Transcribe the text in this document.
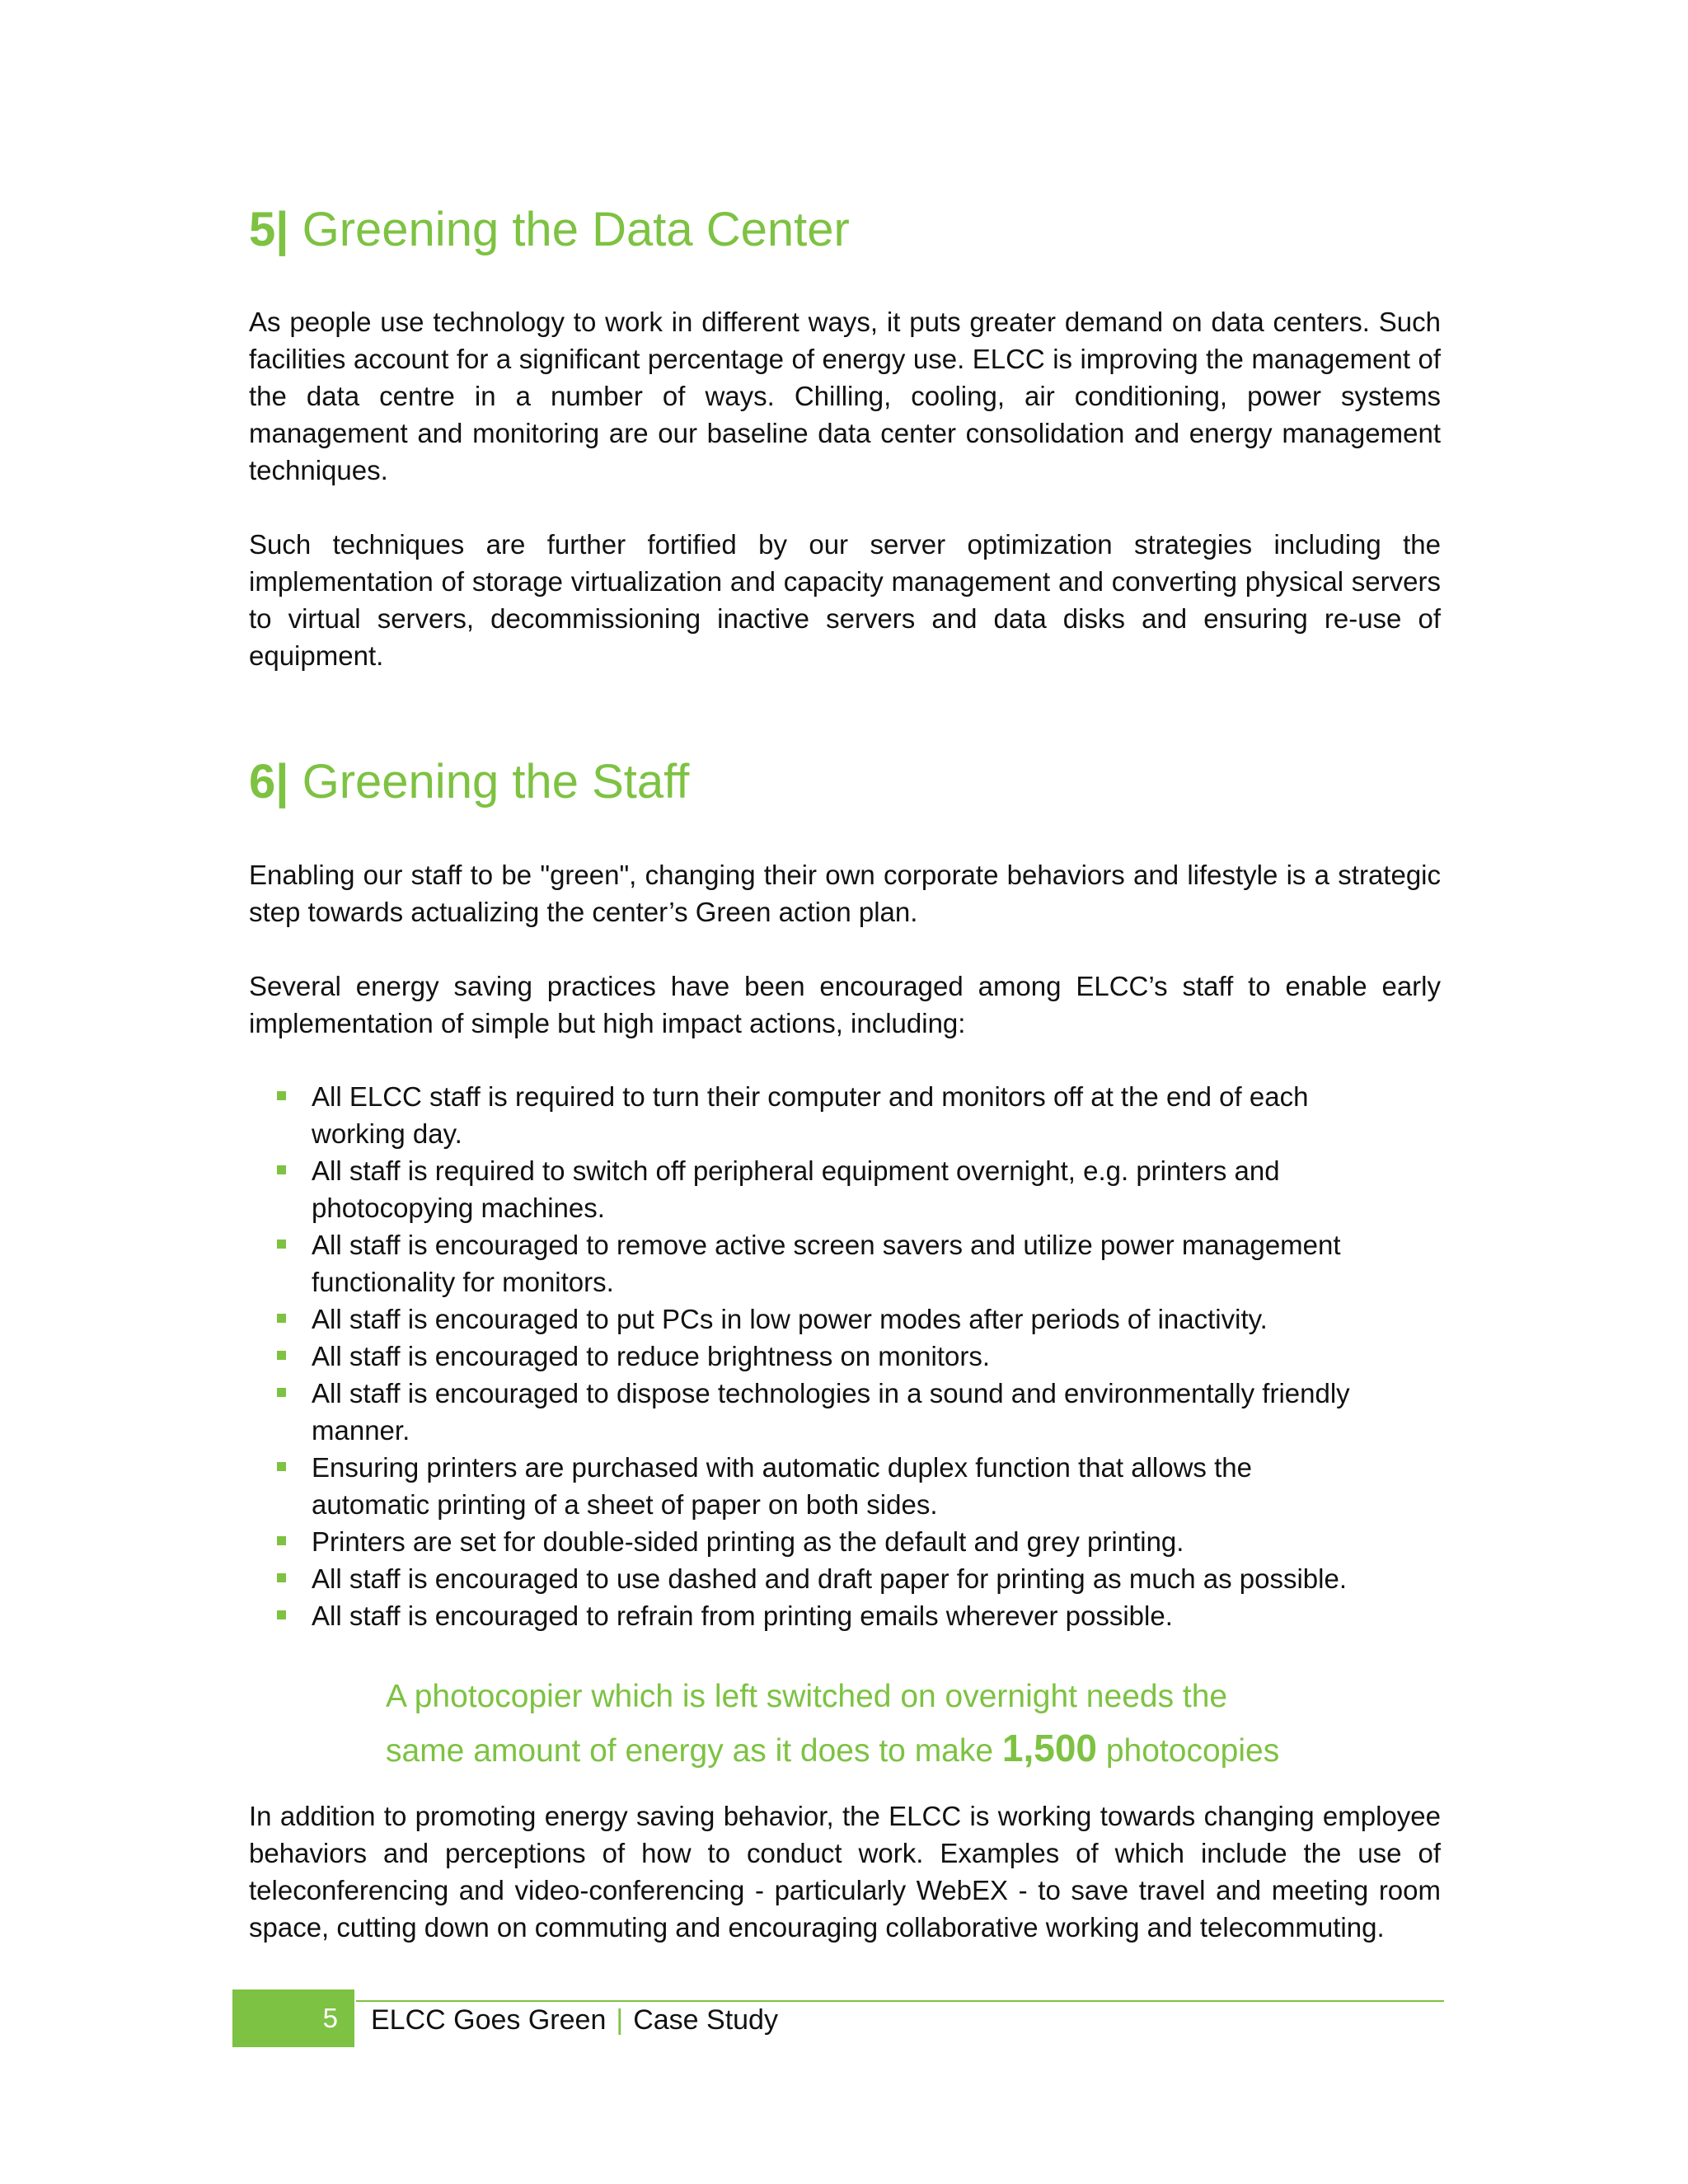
5| Greening the Data Center

As people use technology to work in different ways, it puts greater demand on data centers. Such facilities account for a significant percentage of energy use. ELCC is improving the management of the data centre in a number of ways. Chilling, cooling, air conditioning, power systems management and monitoring are our baseline data center consolidation and energy management techniques.

Such techniques are further fortified by our server optimization strategies including the implementation of storage virtualization and capacity management and converting physical servers to virtual servers, decommissioning inactive servers and data disks and ensuring re-use of equipment.

6| Greening the Staff

Enabling our staff to be "green", changing their own corporate behaviors and lifestyle is a strategic step towards actualizing the center’s Green action plan.

Several energy saving practices have been encouraged among ELCC’s staff to enable early implementation of simple but high impact actions, including:

All ELCC staff is required to turn their computer and monitors off at the end of each working day.
All staff is required to switch off peripheral equipment overnight, e.g. printers and photocopying machines.
All staff is encouraged to remove active screen savers and utilize power management functionality for monitors.
All staff is encouraged to put PCs in low power modes after periods of inactivity.
All staff is encouraged to reduce brightness on monitors.
All staff is encouraged to dispose technologies in a sound and environmentally friendly manner.
Ensuring printers are purchased with automatic duplex function that allows the automatic printing of a sheet of paper on both sides.
Printers are set for double-sided printing as the default and grey printing.
All staff is encouraged to use dashed and draft paper for printing as much as possible.
All staff is encouraged to refrain from printing emails wherever possible.

A photocopier which is left switched on overnight needs the
same amount of energy as it does to make 1,500 photocopies

In addition to promoting energy saving behavior, the ELCC is working towards changing employee behaviors and perceptions of how to conduct work. Examples of which include the use of teleconferencing and video-conferencing - particularly WebEX - to save travel and meeting room space, cutting down on commuting and encouraging collaborative working and telecommuting.

5	ELCC Goes Green | Case Study
